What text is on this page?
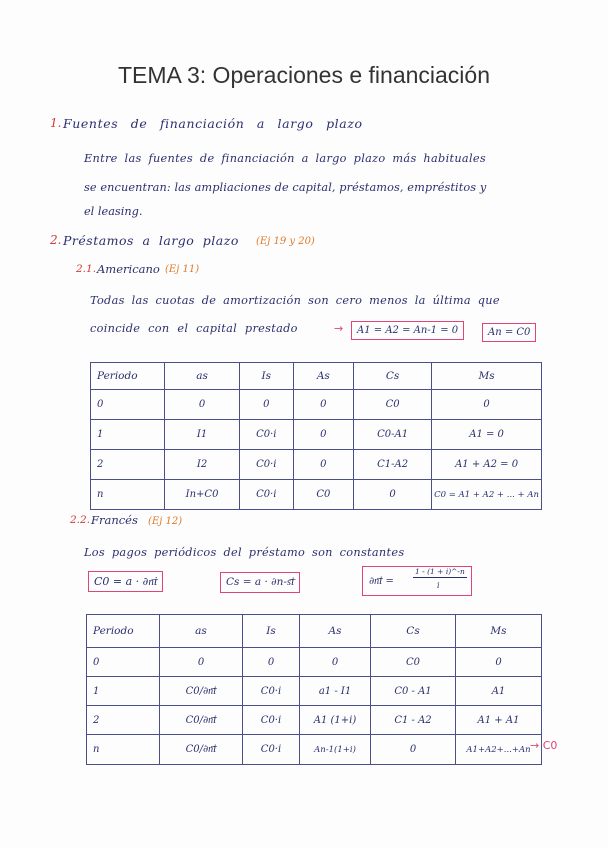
TEMA 3: Operaciones e financiación
1. Fuentes de financiación a largo plazo
Entre las fuentes de financiación a largo plazo más habituales
se encuentran: las ampliaciones de capital, préstamos, empréstitos y
el leasing.
2. Préstamos a largo plazo (Ej 19 y 20)
2.1. Americano (Ej 11)
Todas las cuotas de amortización son cero menos la última que
coincide con el capital prestado	→	A1 = A2 = An-1 = 0	An = C0
Periodo	as	Is	As	Cs	Ms
0	0	0	0	C0	0
1	I1	C0·i	0	C0-A1	A1 = 0
2	I2	C0·i	0	C1-A2	A1 + A2 = 0
n	In+C0	C0·i	C0	0	C0 = A1 + A2 + ... + An
2.2. Francés (Ej 12)
Los pagos periódicos del préstamo son constantes
C0 = a · ∂n͞i	Cs = a · ∂n-s͞i	∂n͞i =
1 - (1 + i)^-n
i
Periodo	as	Is	As	Cs	Ms
0	0	0	0	C0	0
1	C0/∂n͞i	C0·i	a1 - I1	C0 - A1	A1
2	C0/∂n͞i	C0·i	A1 (1+i)	C1 - A2	A1 + A1
n	C0/∂n͞i	C0·i	An-1(1+i)	0	A1+A2+...+An → C0
